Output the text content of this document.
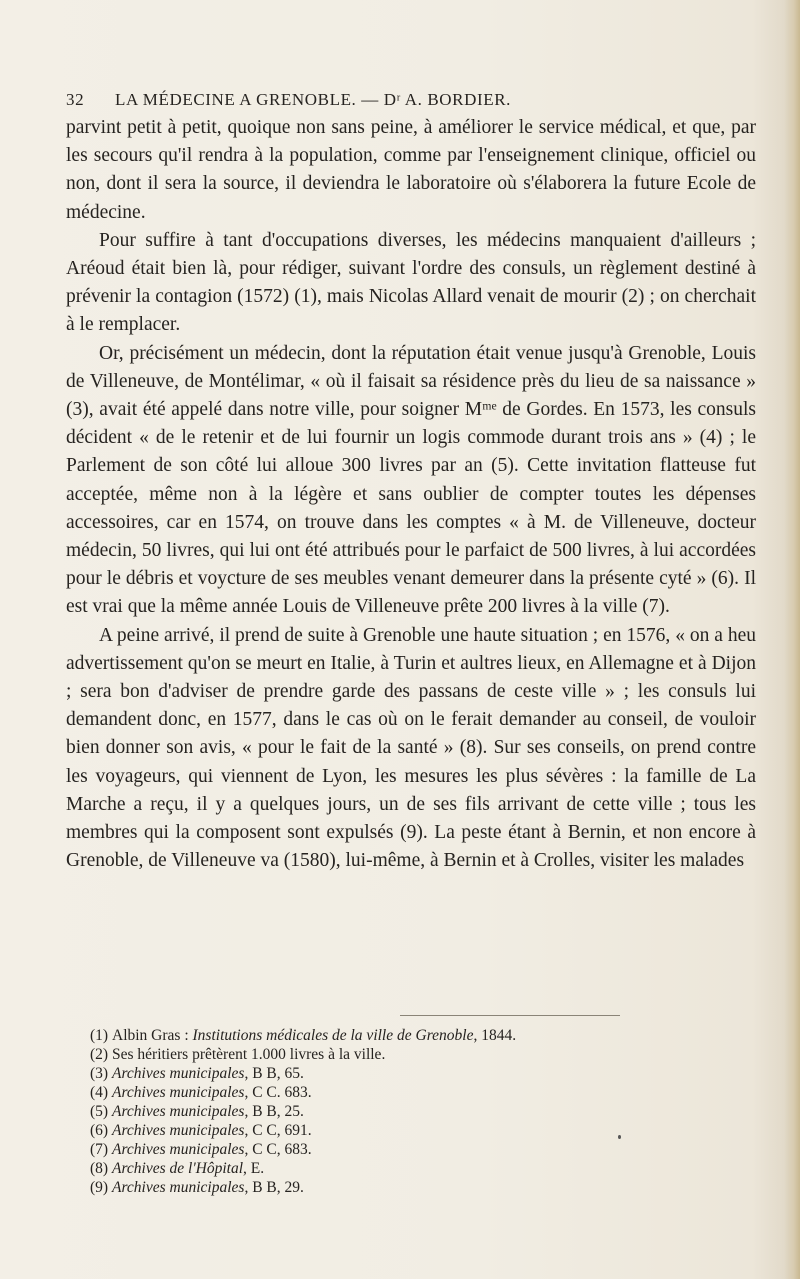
32 LA MÉDECINE A GRENOBLE. — Dʳ A. BORDIER.

parvint petit à petit, quoique non sans peine, à améliorer le service médical, et que, par les secours qu'il rendra à la population, comme par l'enseignement clinique, officiel ou non, dont il sera la source, il deviendra le laboratoire où s'élaborera la future Ecole de médecine.

Pour suffire à tant d'occupations diverses, les médecins manquaient d'ailleurs ; Aréoud était bien là, pour rédiger, suivant l'ordre des consuls, un règlement destiné à prévenir la contagion (1572) (1), mais Nicolas Allard venait de mourir (2) ; on cherchait à le remplacer.

Or, précisément un médecin, dont la réputation était venue jusqu'à Grenoble, Louis de Villeneuve, de Montélimar, « où il faisait sa résidence près du lieu de sa naissance » (3), avait été appelé dans notre ville, pour soigner Mᵐᵉ de Gordes. En 1573, les consuls décident « de le retenir et de lui fournir un logis commode durant trois ans » (4) ; le Parlement de son côté lui alloue 300 livres par an (5). Cette invitation flatteuse fut acceptée, même non à la légère et sans oublier de compter toutes les dépenses accessoires, car en 1574, on trouve dans les comptes « à M. de Villeneuve, docteur médecin, 50 livres, qui lui ont été attribués pour le parfaict de 500 livres, à lui accordées pour le débris et voycture de ses meubles venant demeurer dans la présente cyté » (6). Il est vrai que la même année Louis de Villeneuve prête 200 livres à la ville (7).

A peine arrivé, il prend de suite à Grenoble une haute situation ; en 1576, « on a heu advertissement qu'on se meurt en Italie, à Turin et aultres lieux, en Allemagne et à Dijon ; sera bon d'adviser de prendre garde des passans de ceste ville » ; les consuls lui demandent donc, en 1577, dans le cas où on le ferait demander au conseil, de vouloir bien donner son avis, « pour le fait de la santé » (8). Sur ses conseils, on prend contre les voyageurs, qui viennent de Lyon, les mesures les plus sévères : la famille de La Marche a reçu, il y a quelques jours, un de ses fils arrivant de cette ville ; tous les membres qui la composent sont expulsés (9). La peste étant à Bernin, et non encore à Grenoble, de Villeneuve va (1580), lui-même, à Bernin et à Crolles, visiter les malades

(1) Albin Gras : Institutions médicales de la ville de Grenoble, 1844.
(2) Ses héritiers prêtèrent 1.000 livres à la ville.
(3) Archives municipales, B B, 65.
(4) Archives municipales, C C. 683.
(5) Archives municipales, B B, 25.
(6) Archives municipales, C C, 691.
(7) Archives municipales, C C, 683.
(8) Archives de l'Hôpital, E.
(9) Archives municipales, B B, 29.
